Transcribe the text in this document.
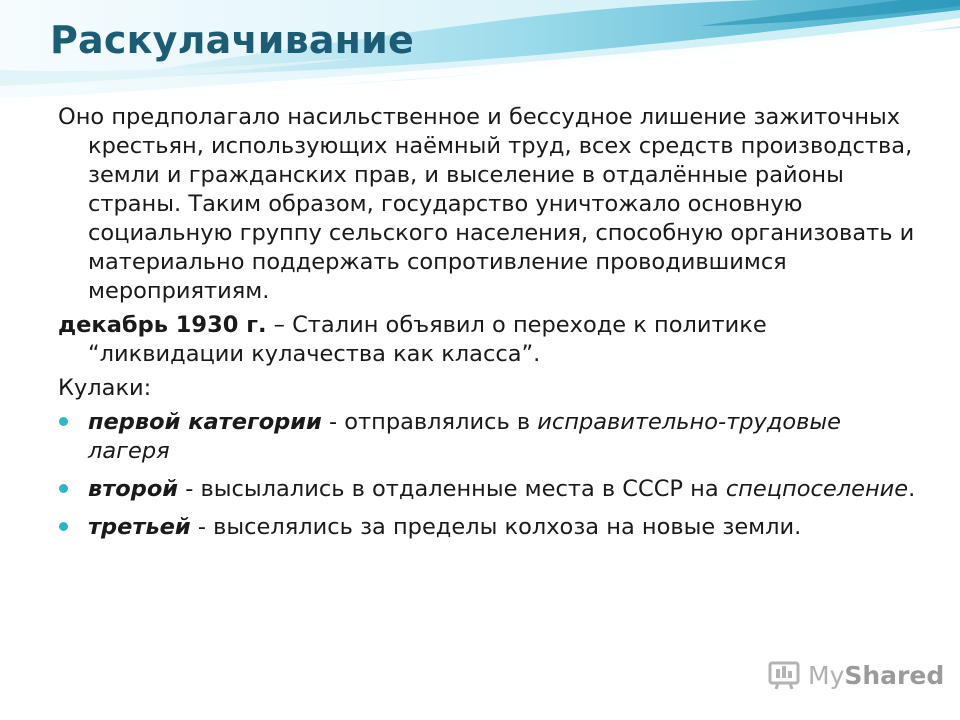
Раскулачивание

Оно предполагало насильственное и бессудное лишение зажиточных крестьян, использующих наёмный труд, всех средств производства, земли и гражданских прав, и выселение в отдалённые районы страны. Таким образом, государство уничтожало основную социальную группу сельского населения, способную организовать и материально поддержать сопротивление проводившимся мероприятиям.

декабрь 1930 г. – Сталин объявил о переходе к политике “ликвидации кулачества как класса”.

Кулаки:

первой категории - отправлялись в исправительно-трудовые лагеря
второй - высылались в отдаленные места в СССР на спецпоселение.
третьей - выселялись за пределы колхоза на новые земли.
My Shared
